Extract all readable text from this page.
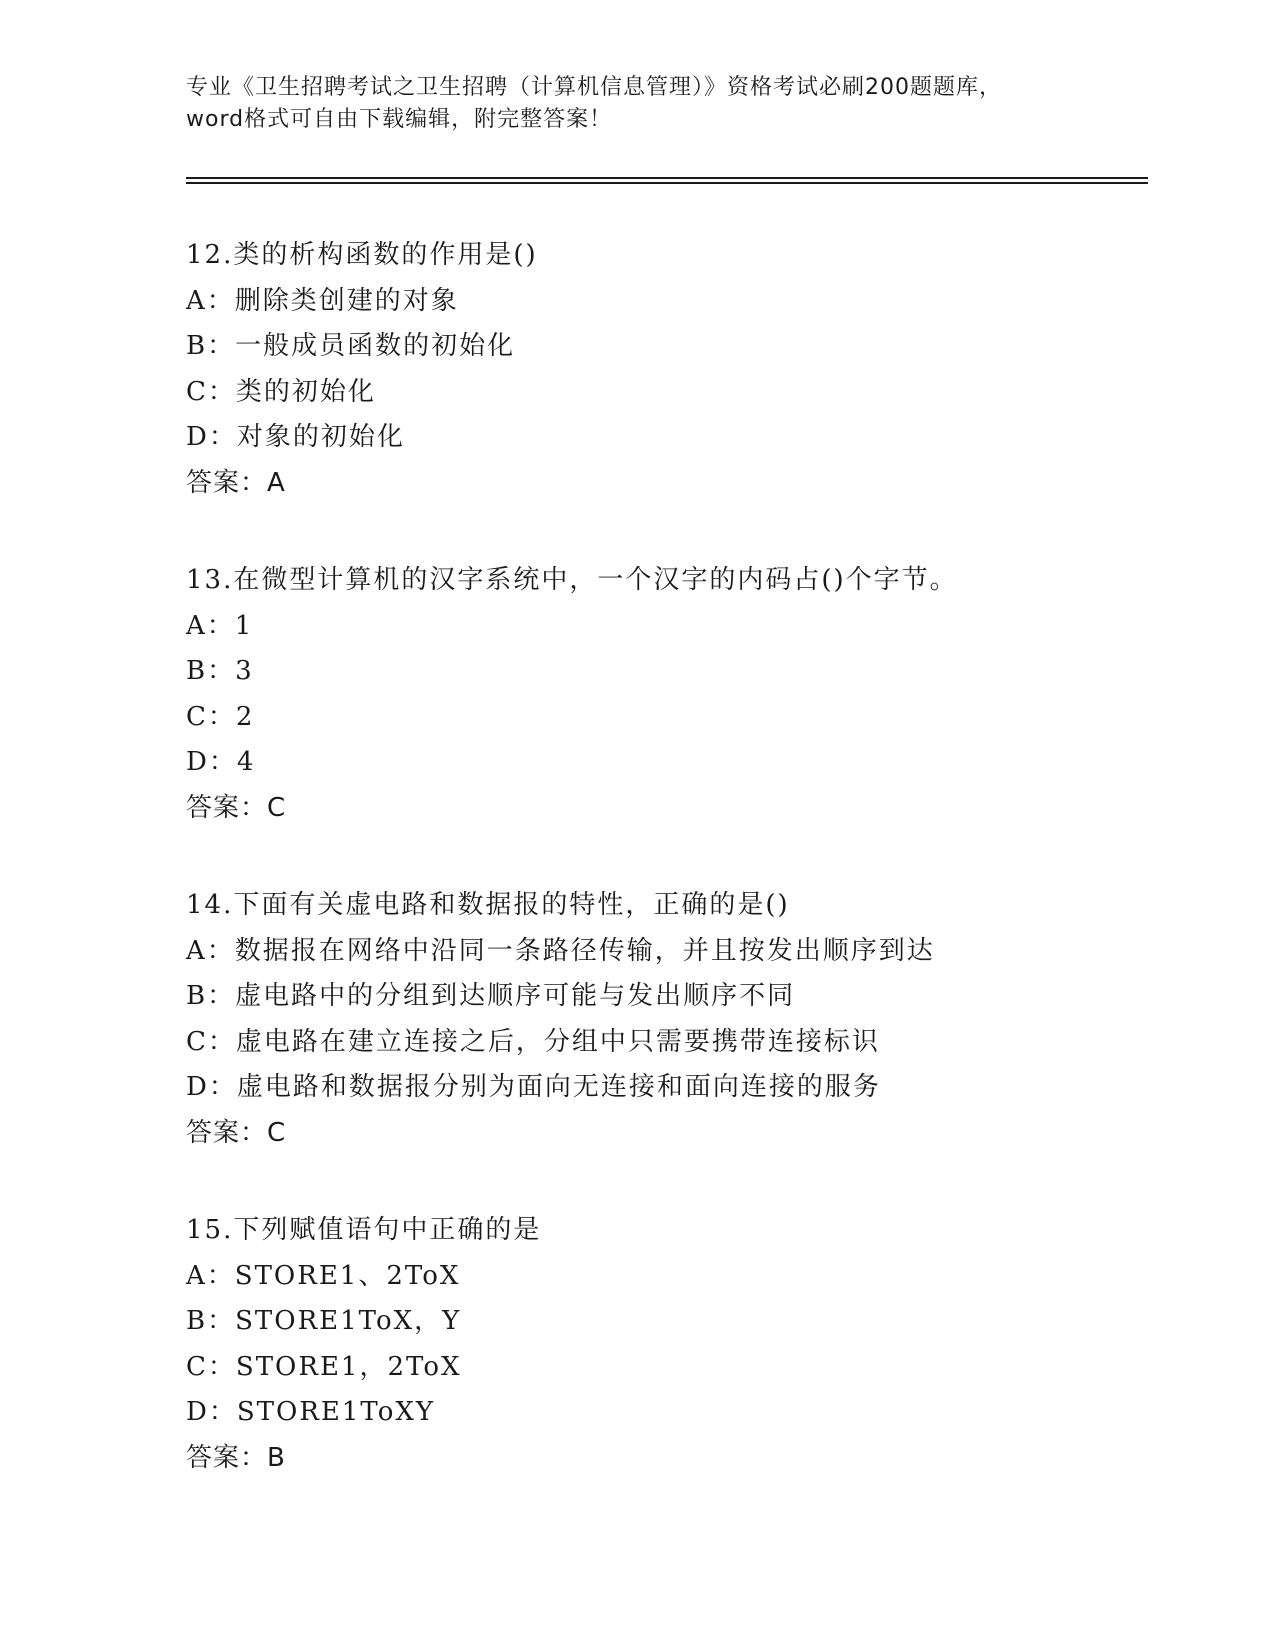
专业《卫生招聘考试之卫生招聘（计算机信息管理）》资格考试必刷200题题库，
word格式可自由下载编辑，附完整答案！
12.类的析构函数的作用是()
A：删除类创建的对象
B：一般成员函数的初始化
C：类的初始化
D：对象的初始化
答案：A
13.在微型计算机的汉字系统中，一个汉字的内码占()个字节。
A：1
B：3
C：2
D：4
答案：C
14.下面有关虚电路和数据报的特性，正确的是()
A：数据报在网络中沿同一条路径传输，并且按发出顺序到达
B：虚电路中的分组到达顺序可能与发出顺序不同
C：虚电路在建立连接之后，分组中只需要携带连接标识
D：虚电路和数据报分别为面向无连接和面向连接的服务
答案：C
15.下列赋值语句中正确的是
A：STORE1、2ToX
B：STORE1ToX，Y
C：STORE1，2ToX
D：STORE1ToXY
答案：B
